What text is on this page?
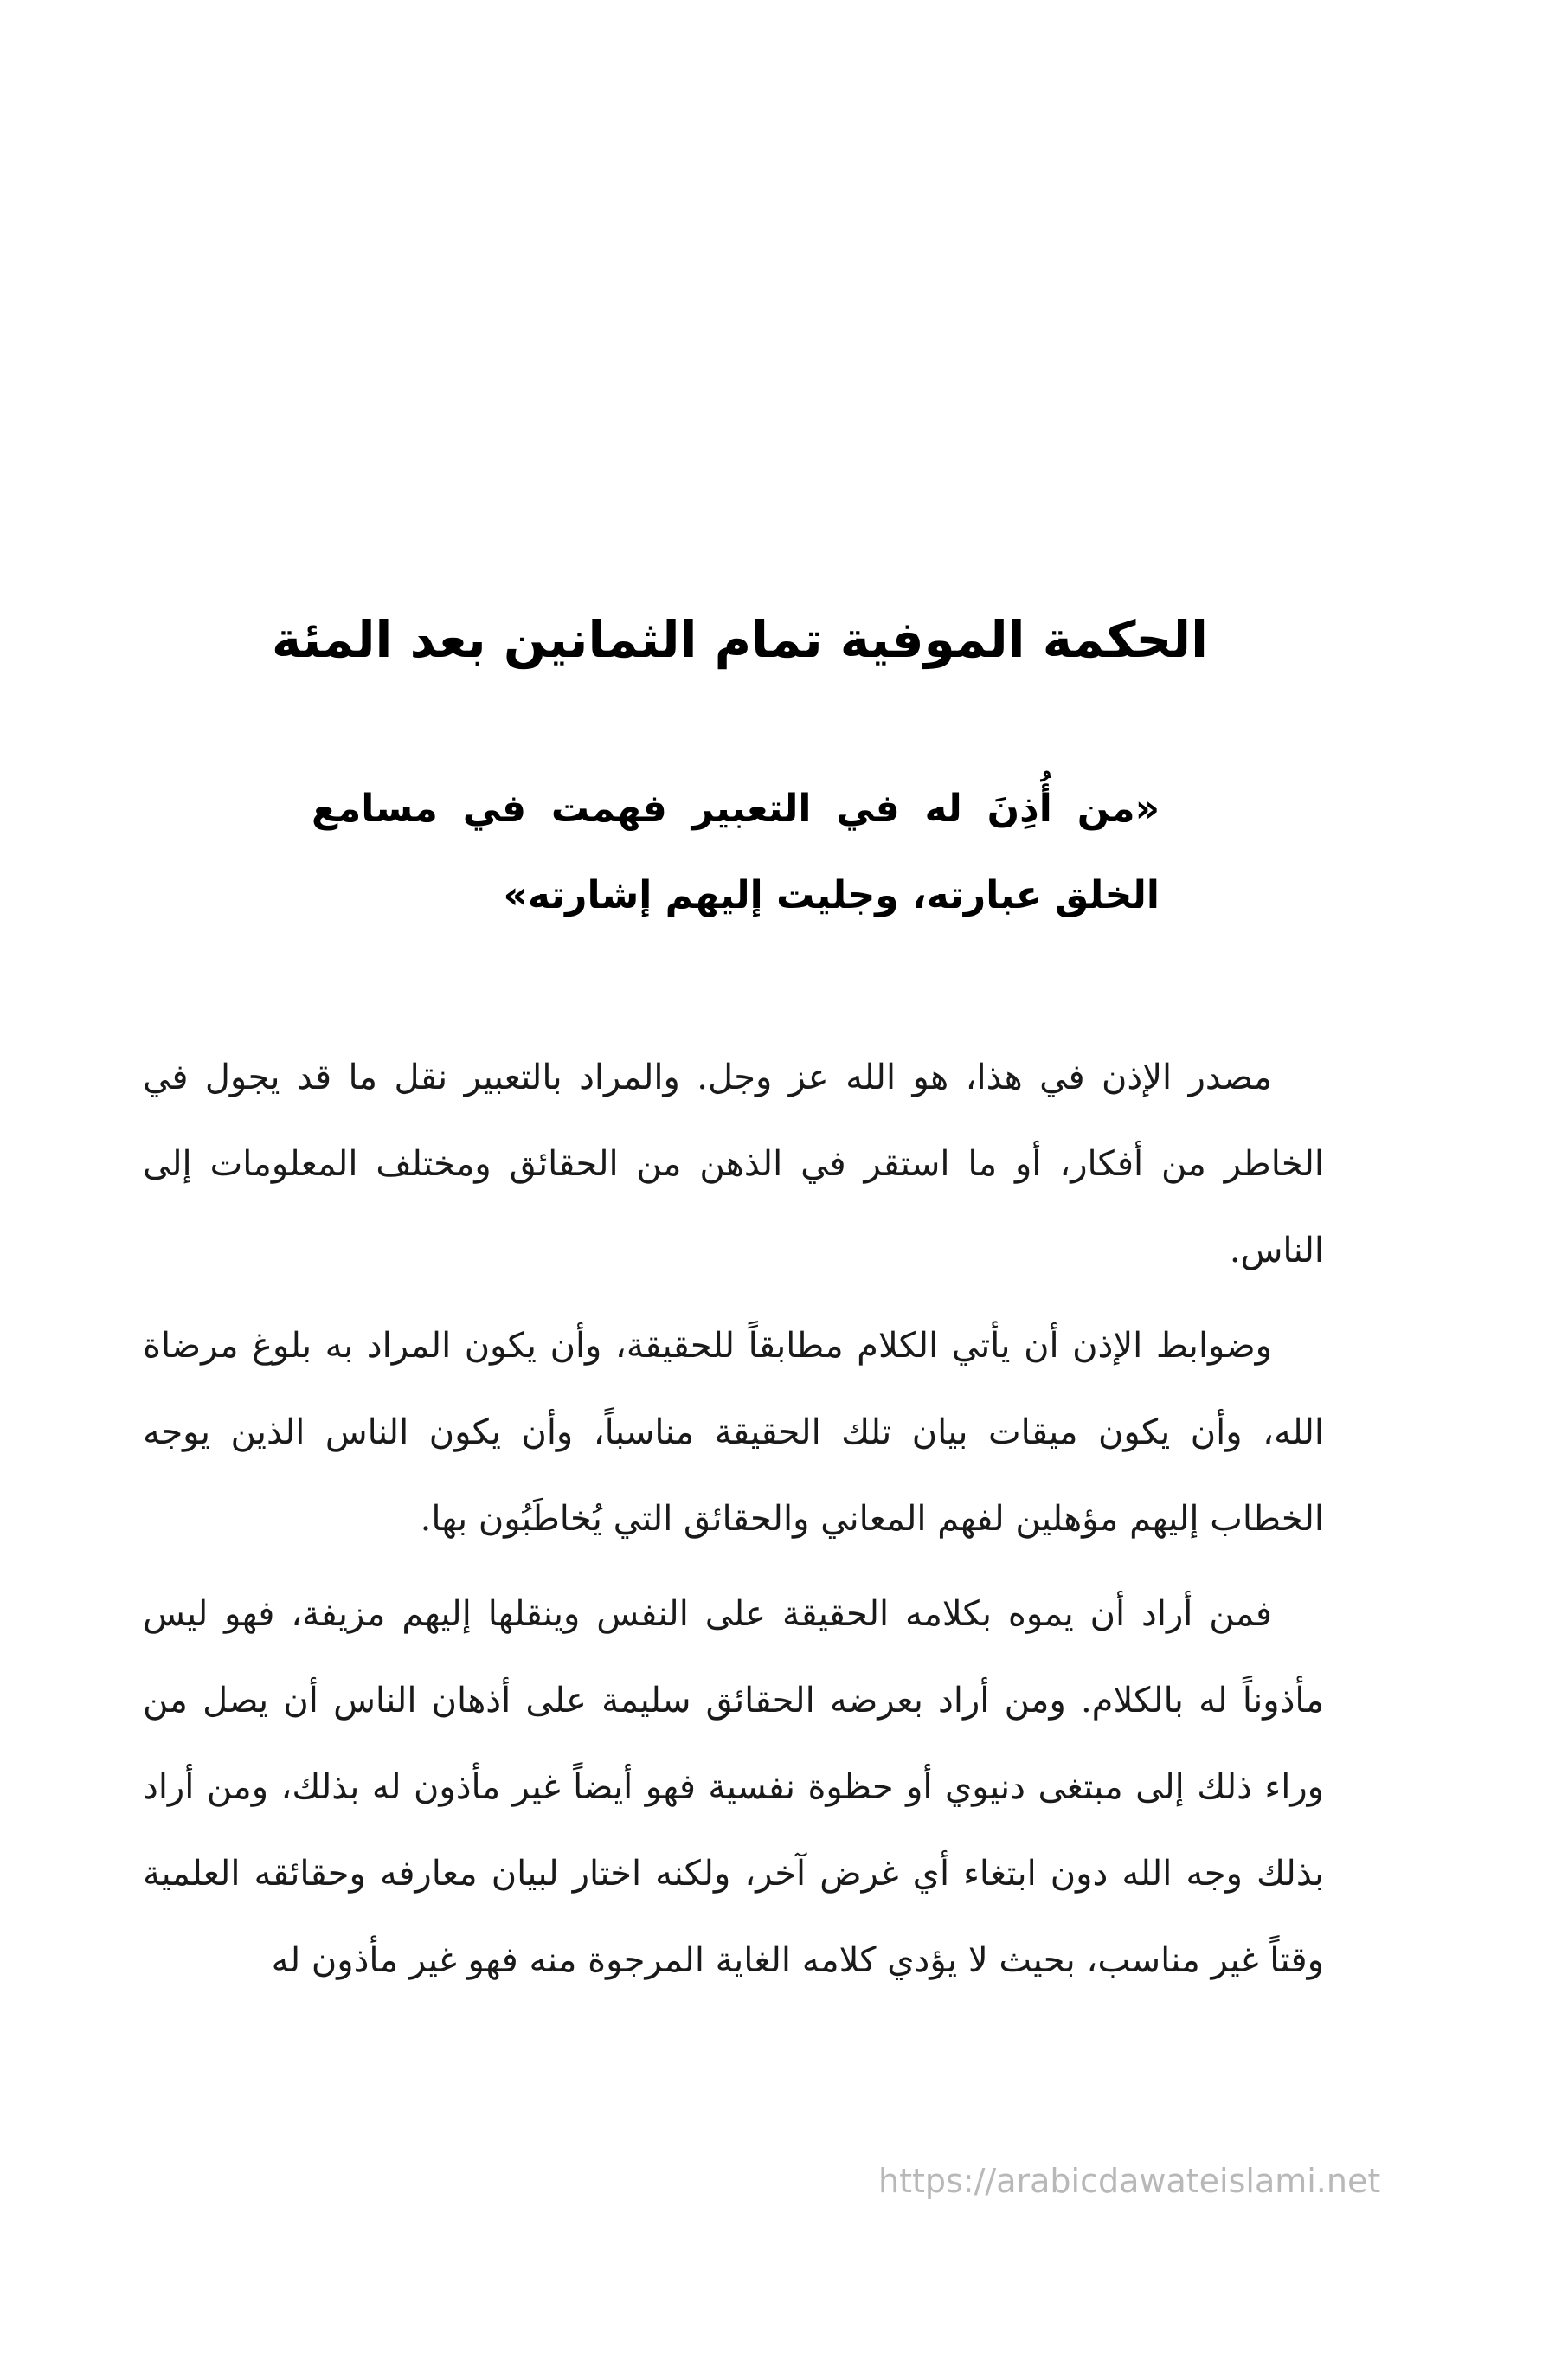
الحكمة الموفية تمام الثمانين بعد المئة
«من أُذِنَ له في التعبير فهمت في مسامع الخلق عبارته، وجليت إليهم إشارته»

مصدر الإذن في هذا، هو الله عز وجل. والمراد بالتعبير نقل ما قد يجول في الخاطر من أفكار، أو ما استقر في الذهن من الحقائق ومختلف المعلومات إلى الناس.

وضوابط الإذن أن يأتي الكلام مطابقاً للحقيقة، وأن يكون المراد به بلوغ مرضاة الله، وأن يكون ميقات بيان تلك الحقيقة مناسباً، وأن يكون الناس الذين يوجه الخطاب إليهم مؤهلين لفهم المعاني والحقائق التي يُخاطَبُون بها.

فمن أراد أن يموه بكلامه الحقيقة على النفس وينقلها إليهم مزيفة، فهو ليس مأذوناً له بالكلام. ومن أراد بعرضه الحقائق سليمة على أذهان الناس أن يصل من وراء ذلك إلى مبتغى دنيوي أو حظوة نفسية فهو أيضاً غير مأذون له بذلك، ومن أراد بذلك وجه الله دون ابتغاء أي غرض آخر، ولكنه اختار لبيان معارفه وحقائقه العلمية وقتاً غير مناسب، بحيث لا يؤدي كلامه الغاية المرجوة منه فهو غير مأذون له

https://arabicdawateislami.net
